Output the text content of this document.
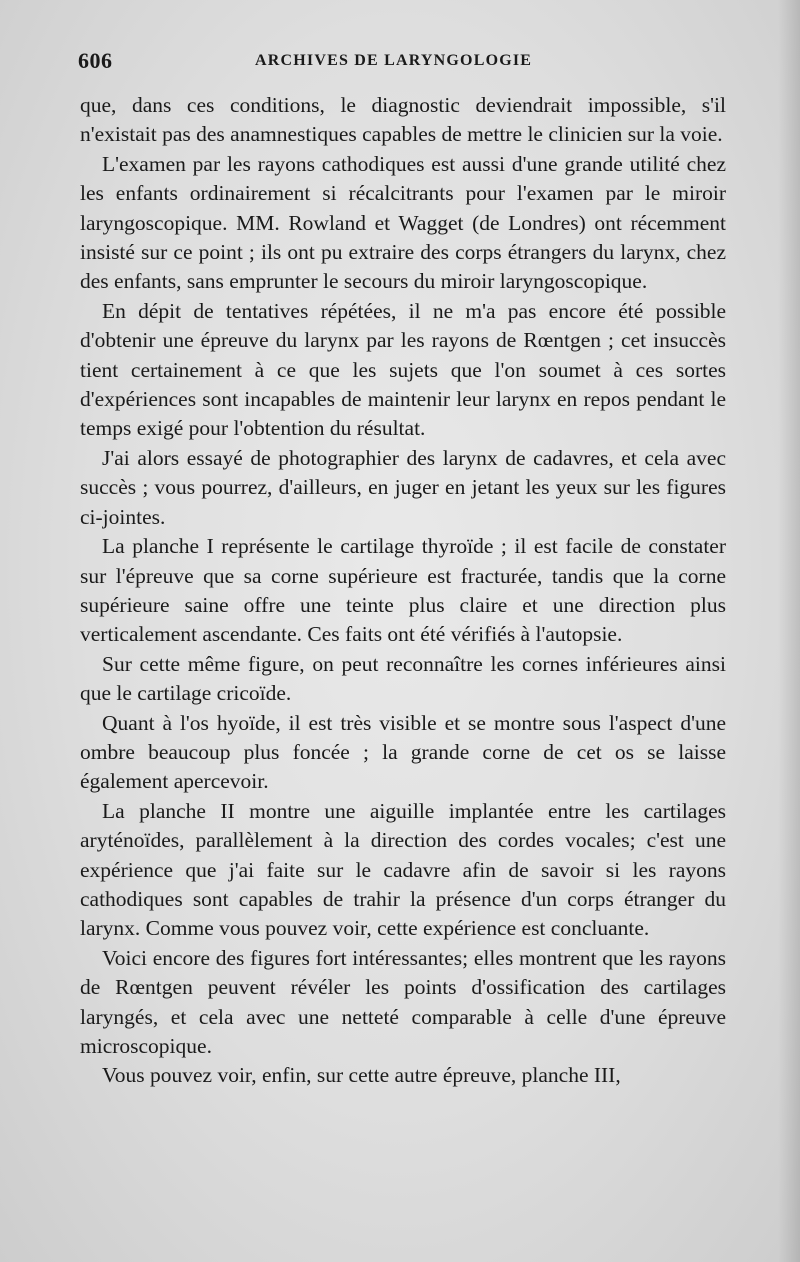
606	ARCHIVES DE LARYNGOLOGIE

que, dans ces conditions, le diagnostic deviendrait impossible, s'il n'existait pas des anamnestiques capables de mettre le clinicien sur la voie.

L'examen par les rayons cathodiques est aussi d'une grande utilité chez les enfants ordinairement si récalcitrants pour l'examen par le miroir laryngoscopique. MM. Rowland et Wagget (de Londres) ont récemment insisté sur ce point ; ils ont pu extraire des corps étrangers du larynx, chez des enfants, sans emprunter le secours du miroir laryngoscopique.

En dépit de tentatives répétées, il ne m'a pas encore été possible d'obtenir une épreuve du larynx par les rayons de Rœntgen ; cet insuccès tient certainement à ce que les sujets que l'on soumet à ces sortes d'expériences sont incapables de maintenir leur larynx en repos pendant le temps exigé pour l'obtention du résultat.

J'ai alors essayé de photographier des larynx de cadavres, et cela avec succès ; vous pourrez, d'ailleurs, en juger en jetant les yeux sur les figures ci-jointes.

La planche I représente le cartilage thyroïde ; il est facile de constater sur l'épreuve que sa corne supérieure est fracturée, tandis que la corne supérieure saine offre une teinte plus claire et une direction plus verticalement ascendante. Ces faits ont été vérifiés à l'autopsie.

Sur cette même figure, on peut reconnaître les cornes inférieures ainsi que le cartilage cricoïde.

Quant à l'os hyoïde, il est très visible et se montre sous l'aspect d'une ombre beaucoup plus foncée ; la grande corne de cet os se laisse également apercevoir.

La planche II montre une aiguille implantée entre les cartilages aryténoïdes, parallèlement à la direction des cordes vocales; c'est une expérience que j'ai faite sur le cadavre afin de savoir si les rayons cathodiques sont capables de trahir la présence d'un corps étranger du larynx. Comme vous pouvez voir, cette expérience est concluante.

Voici encore des figures fort intéressantes; elles montrent que les rayons de Rœntgen peuvent révéler les points d'ossification des cartilages laryngés, et cela avec une netteté comparable à celle d'une épreuve microscopique.

Vous pouvez voir, enfin, sur cette autre épreuve, planche III,
